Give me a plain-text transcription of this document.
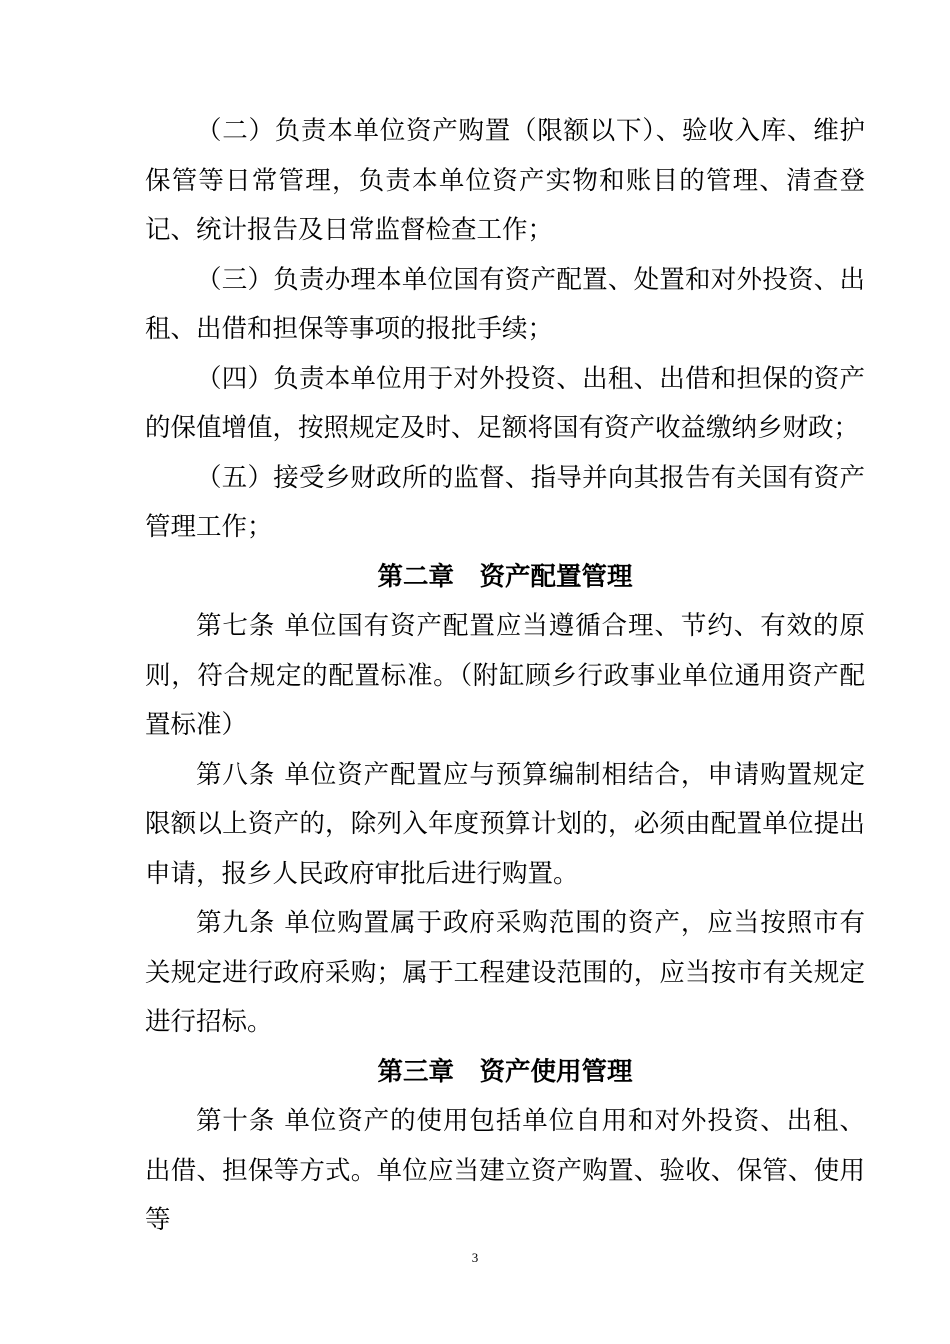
（二）负责本单位资产购置（限额以下）、验收入库、维护保管等日常管理，负责本单位资产实物和账目的管理、清查登记、统计报告及日常监督检查工作；

（三）负责办理本单位国有资产配置、处置和对外投资、出租、出借和担保等事项的报批手续；

（四）负责本单位用于对外投资、出租、出借和担保的资产的保值增值，按照规定及时、足额将国有资产收益缴纳乡财政；

（五）接受乡财政所的监督、指导并向其报告有关国有资产管理工作；

第二章　资产配置管理

第七条 单位国有资产配置应当遵循合理、节约、有效的原则，符合规定的配置标准。（附缸顾乡行政事业单位通用资产配置标准）

第八条 单位资产配置应与预算编制相结合，申请购置规定限额以上资产的，除列入年度预算计划的，必须由配置单位提出申请，报乡人民政府审批后进行购置。

第九条 单位购置属于政府采购范围的资产，应当按照市有关规定进行政府采购；属于工程建设范围的，应当按市有关规定进行招标。

第三章　资产使用管理

第十条 单位资产的使用包括单位自用和对外投资、出租、出借、担保等方式。单位应当建立资产购置、验收、保管、使用等

3
